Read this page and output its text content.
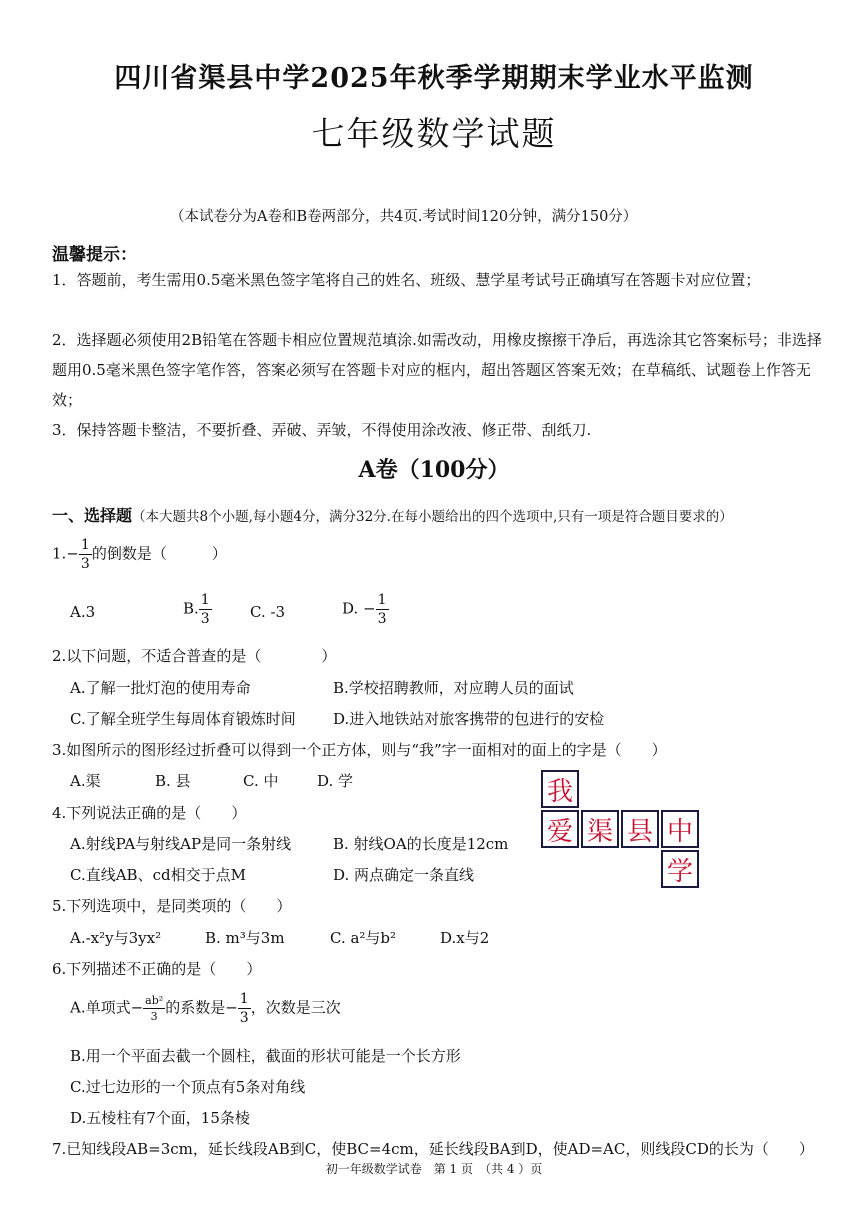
四川省渠县中学2025年秋季学期期末学业水平监测
七年级数学试题
（本试卷分为A卷和B卷两部分，共4页.考试时间120分钟，满分150分）
温馨提示：
1．答题前，考生需用0.5毫米黑色签字笔将自己的姓名、班级、慧学星考试号正确填写在答题卡对应位置；
2．选择题必须使用2B铅笔在答题卡相应位置规范填涂.如需改动，用橡皮擦擦干净后，再选涂其它答案标号；非选择题用0.5毫米黑色签字笔作答，答案必须写在答题卡对应的框内，超出答题区答案无效；在草稿纸、试题卷上作答无效；
3．保持答题卡整洁，不要折叠、弄破、弄皱，不得使用涂改液、修正带、刮纸刀.
A卷（100分）
一、选择题（本大题共8个小题,每小题4分，满分32分.在每小题给出的四个选项中,只有一项是符合题目要求的）
$1.- \frac{1}{3}$ 的倒数是（　　　）
A.3	B. $\frac{1}{3}$	C. -3	D. − $\frac{1}{3}$
2.以下问题，不适合普查的是（　　　　）
A.了解一批灯泡的使用寿命	B.学校招聘教师，对应聘人员的面试
C.了解全班学生每周体育锻炼时间 D.进入地铁站对旅客携带的包进行的安检
3.如图所示的图形经过折叠可以得到一个正方体，则与“我”字一面相对的面上的字是（　　）
A.渠	B. 县	C. 中	D. 学	我
爱 渠 县 中
学
4.下列说法正确的是（　　）
A.射线PA与射线AP是同一条射线	B. 射线OA的长度是12cm
C.直线AB、cd相交于点M	D. 两点确定一条直线
5.下列选项中，是同类项的（　　）
A.-x²y与3yx²	B. m³与3m	C. a²与b²	D.x与2
6.下列描述不正确的是（　　）
A.单项式− $\frac{\text{ab²}}{3}$ 的系数是− $\frac{1}{3}$ ，次数是三次
B.用一个平面去截一个圆柱，截面的形状可能是一个长方形
C.过七边形的一个顶点有5条对角线
D.五棱柱有7个面，15条棱
7.已知线段AB=3cm，延长线段AB到C，使BC=4cm，延长线段BA到D，使AD=AC，则线段CD的长为（　　）
初一年级数学试卷　第 1 页　（共 4 ）页
